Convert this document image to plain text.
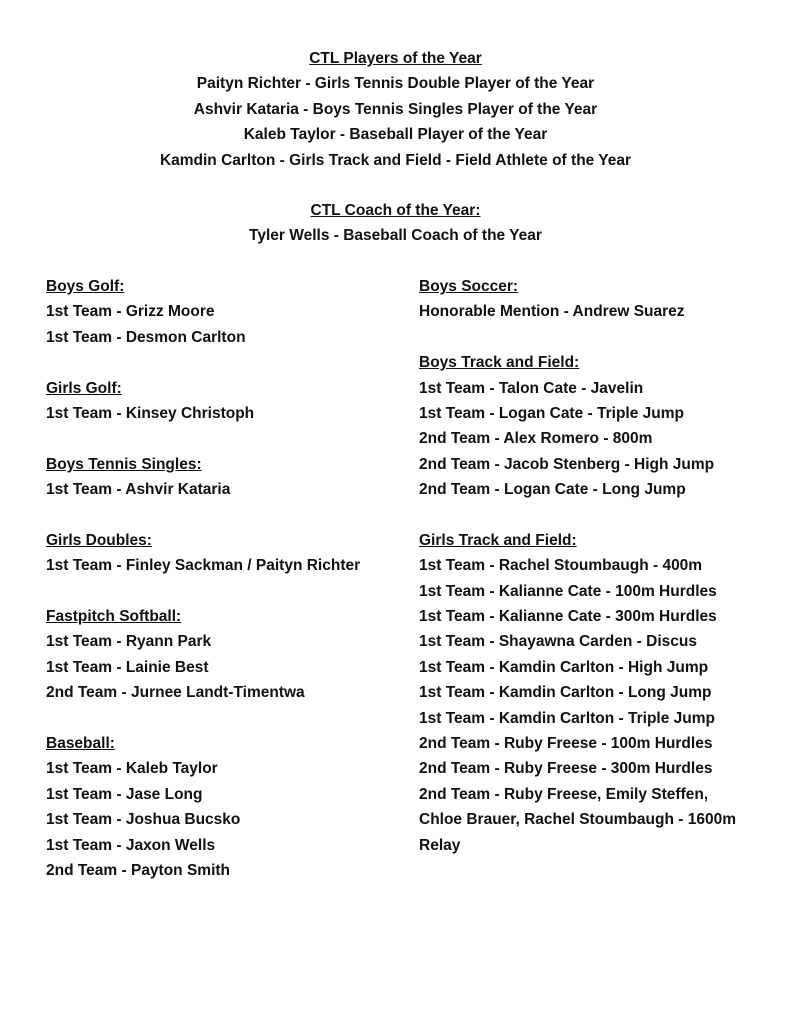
CTL Players of the Year
Paityn Richter - Girls Tennis Double Player of the Year
Ashvir Kataria - Boys Tennis Singles Player of the Year
Kaleb Taylor - Baseball Player of the Year
Kamdin Carlton - Girls Track and Field - Field Athlete of the Year
CTL Coach of the Year:
Tyler Wells - Baseball Coach of the Year
Boys Golf:
1st Team - Grizz Moore
1st Team - Desmon Carlton
Girls Golf:
1st Team - Kinsey Christoph
Boys Tennis Singles:
1st Team - Ashvir Kataria
Girls Doubles:
1st Team - Finley Sackman / Paityn Richter
Fastpitch Softball:
1st Team - Ryann Park
1st Team - Lainie Best
2nd Team - Jurnee Landt-Timentwa
Baseball:
1st Team - Kaleb Taylor
1st Team - Jase Long
1st Team - Joshua Bucsko
1st Team - Jaxon Wells
2nd Team - Payton Smith
Boys Soccer:
Honorable Mention - Andrew Suarez
Boys Track and Field:
1st Team - Talon Cate - Javelin
1st Team - Logan Cate - Triple Jump
2nd Team - Alex Romero - 800m
2nd Team - Jacob Stenberg - High Jump
2nd Team - Logan Cate - Long Jump
Girls Track and Field:
1st Team - Rachel Stoumbaugh - 400m
1st Team - Kalianne Cate - 100m Hurdles
1st Team - Kalianne Cate - 300m Hurdles
1st Team - Shayawna Carden - Discus
1st Team - Kamdin Carlton - High Jump
1st Team - Kamdin Carlton - Long Jump
1st Team - Kamdin Carlton - Triple Jump
2nd Team - Ruby Freese - 100m Hurdles
2nd Team - Ruby Freese - 300m Hurdles
2nd Team - Ruby Freese, Emily Steffen,
Chloe Brauer, Rachel Stoumbaugh - 1600m
Relay
